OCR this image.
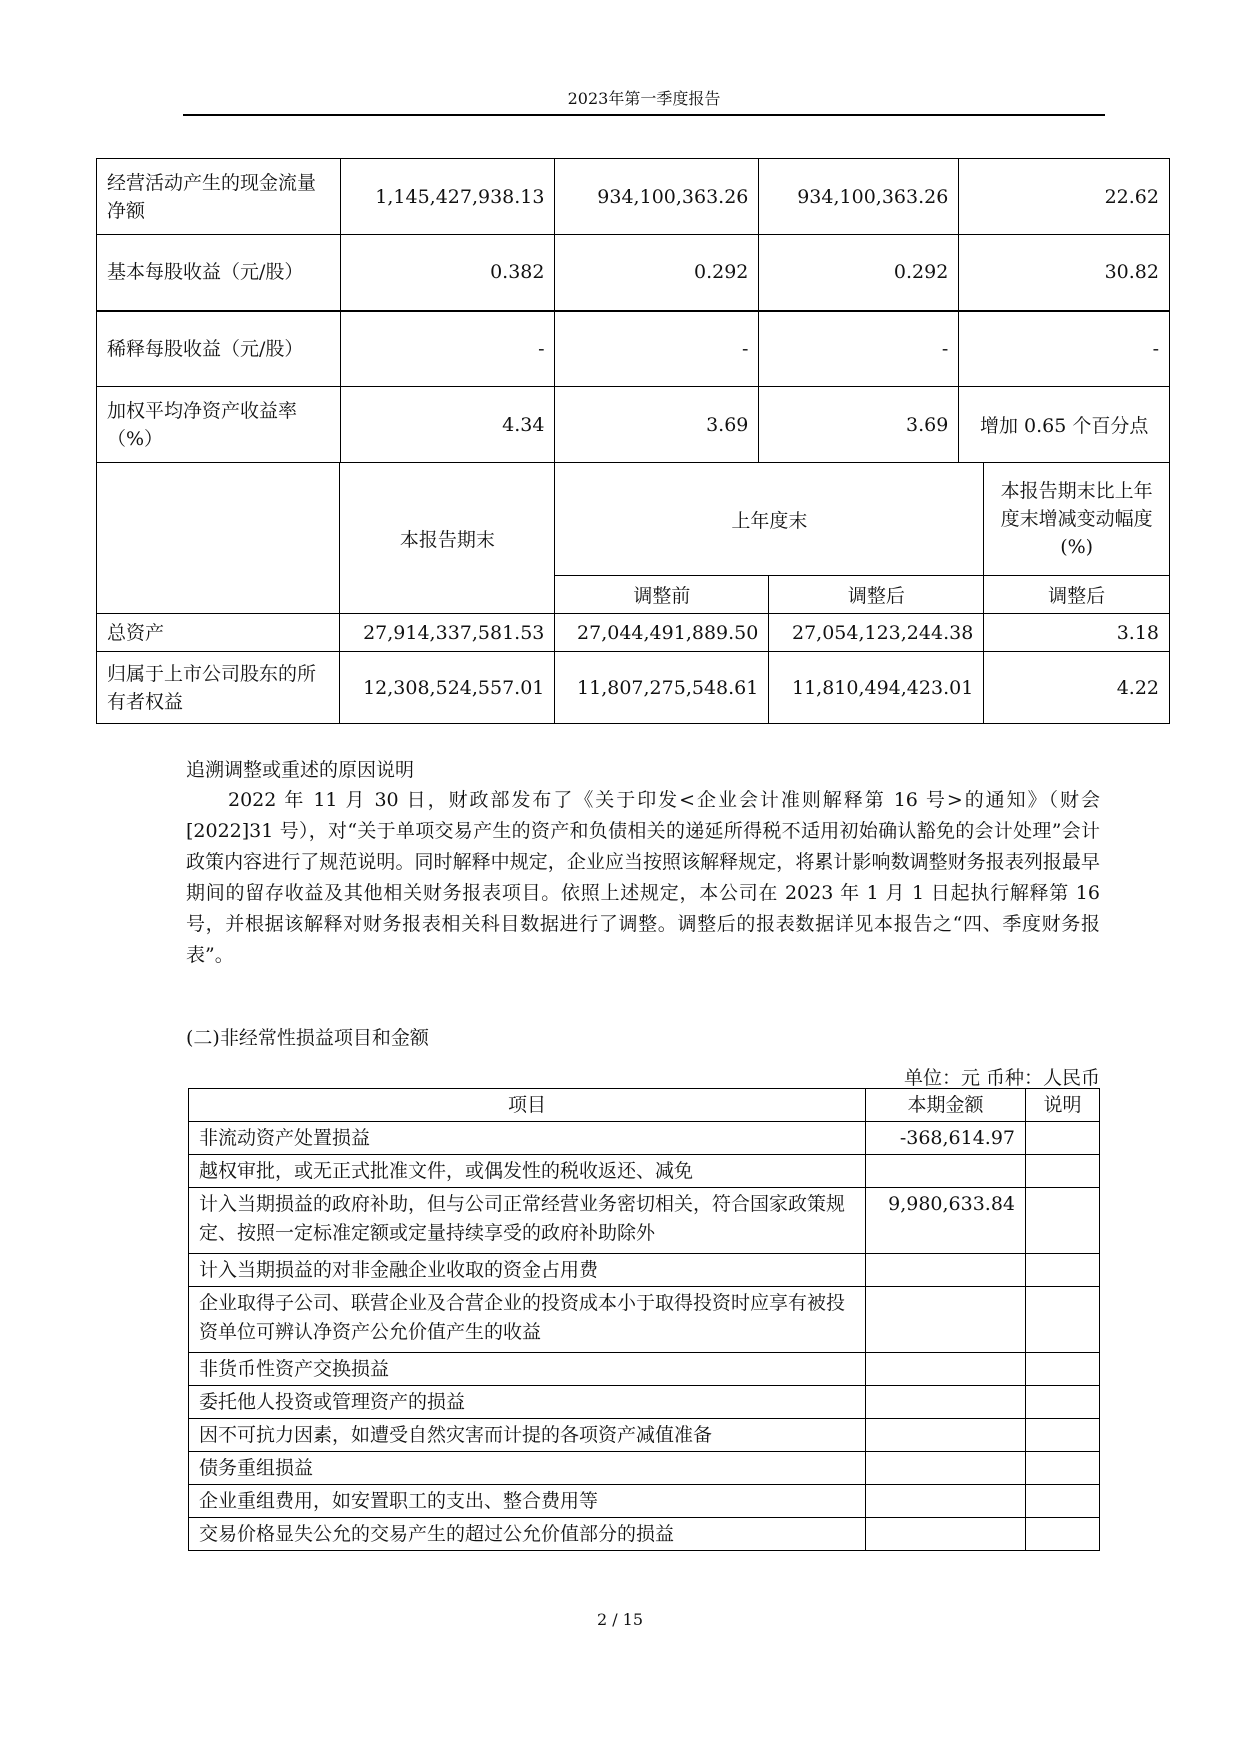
2023年第一季度报告
经营活动产生的现金流量净额	1,145,427,938.13	934,100,363.26	934,100,363.26	22.62
基本每股收益（元/股）	0.382	0.292	0.292	30.82
稀释每股收益（元/股）	-	-	-	-
加权平均净资产收益率（%）	4.34	3.69	3.69	增加 0.65 个百分点
	本报告期末	上年度末		本报告期末比上年度末增减变动幅度(%)
		调整前	调整后	调整后
总资产	27,914,337,581.53	27,044,491,889.50	27,054,123,244.38	3.18
归属于上市公司股东的所有者权益	12,308,524,557.01	11,807,275,548.61	11,810,494,423.01	4.22
追溯调整或重述的原因说明
2022 年 11 月 30 日，财政部发布了《关于印发<企业会计准则解释第 16 号>的通知》（财会[2022]31 号），对“关于单项交易产生的资产和负债相关的递延所得税不适用初始确认豁免的会计处理”会计政策内容进行了规范说明。同时解释中规定，企业应当按照该解释规定，将累计影响数调整财务报表列报最早期间的留存收益及其他相关财务报表项目。依照上述规定，本公司在 2023 年 1 月 1 日起执行解释第 16 号，并根据该解释对财务报表相关科目数据进行了调整。调整后的报表数据详见本报告之“四、季度财务报表”。
(二)非经常性损益项目和金额
单位：元 币种：人民币
项目	本期金额	说明
非流动资产处置损益	-368,614.97	
越权审批，或无正式批准文件，或偶发性的税收返还、减免		
计入当期损益的政府补助，但与公司正常经营业务密切相关，符合国家政策规定、按照一定标准定额或定量持续享受的政府补助除外	9,980,633.84	
计入当期损益的对非金融企业收取的资金占用费		
企业取得子公司、联营企业及合营企业的投资成本小于取得投资时应享有被投资单位可辨认净资产公允价值产生的收益		
非货币性资产交换损益		
委托他人投资或管理资产的损益		
因不可抗力因素，如遭受自然灾害而计提的各项资产减值准备		
债务重组损益		
企业重组费用，如安置职工的支出、整合费用等		
交易价格显失公允的交易产生的超过公允价值部分的损益		
2 / 15
